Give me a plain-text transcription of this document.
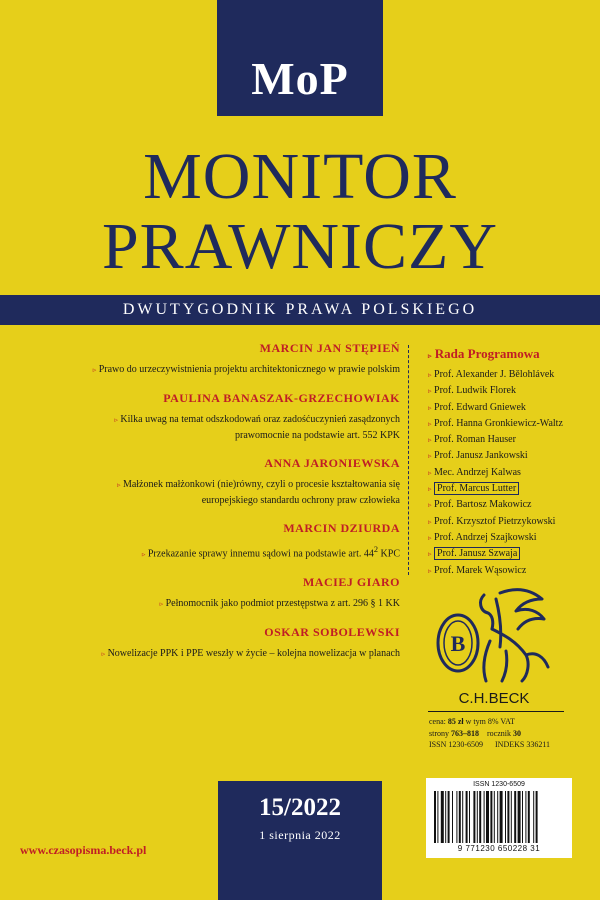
MoP
MONITOR
PRAWNICZY
DWUTYGODNIK PRAWA POLSKIEGO
MARCIN JAN STĘPIEŃ
▹ Prawo do urzeczywistnienia projektu architektonicznego w prawie polskim
PAULINA BANASZAK-GRZECHOWIAK
▹ Kilka uwag na temat odszkodowań oraz zadośćuczynień zasądzonych
prawomocnie na podstawie art. 552 KPK
ANNA JARONIEWSKA
▹ Małżonek małżonkowi (nie)równy, czyli o procesie kształtowania się
europejskiego standardu ochrony praw człowieka
MARCIN DZIURDA
▹ Przekazanie sprawy innemu sądowi na podstawie art. $44^2$ KPC
MACIEJ GIARO
▹ Pełnomocnik jako podmiot przestępstwa z art. 296 § 1 KK
OSKAR SOBOLEWSKI
▹ Nowelizacje PPK i PPE weszły w życie – kolejna nowelizacja w planach
▹ Rada Programowa
▹ Prof. Alexander J. Bělohlávek
▹ Prof. Ludwik Florek
▹ Prof. Edward Gniewek
▹ Prof. Hanna Gronkiewicz-Waltz
▹ Prof. Roman Hauser
▹ Prof. Janusz Jankowski
▹ Mec. Andrzej Kalwas
▹ Prof. Marcus Lutter
▹ Prof. Bartosz Makowicz
▹ Prof. Krzysztof Pietrzykowski
▹ Prof. Andrzej Szajkowski
▹ Prof. Janusz Szwaja
▹ Prof. Marek Wąsowicz
B
C.H.BECK
cena: 85 zł w tym 8% VAT
strony 763–818 rocznik 30
ISSN 1230-6509 INDEKS 336211
15/2022
1 sierpnia 2022
www.czasopisma.beck.pl
ISSN 1230-6509
9 771230 650228 31
